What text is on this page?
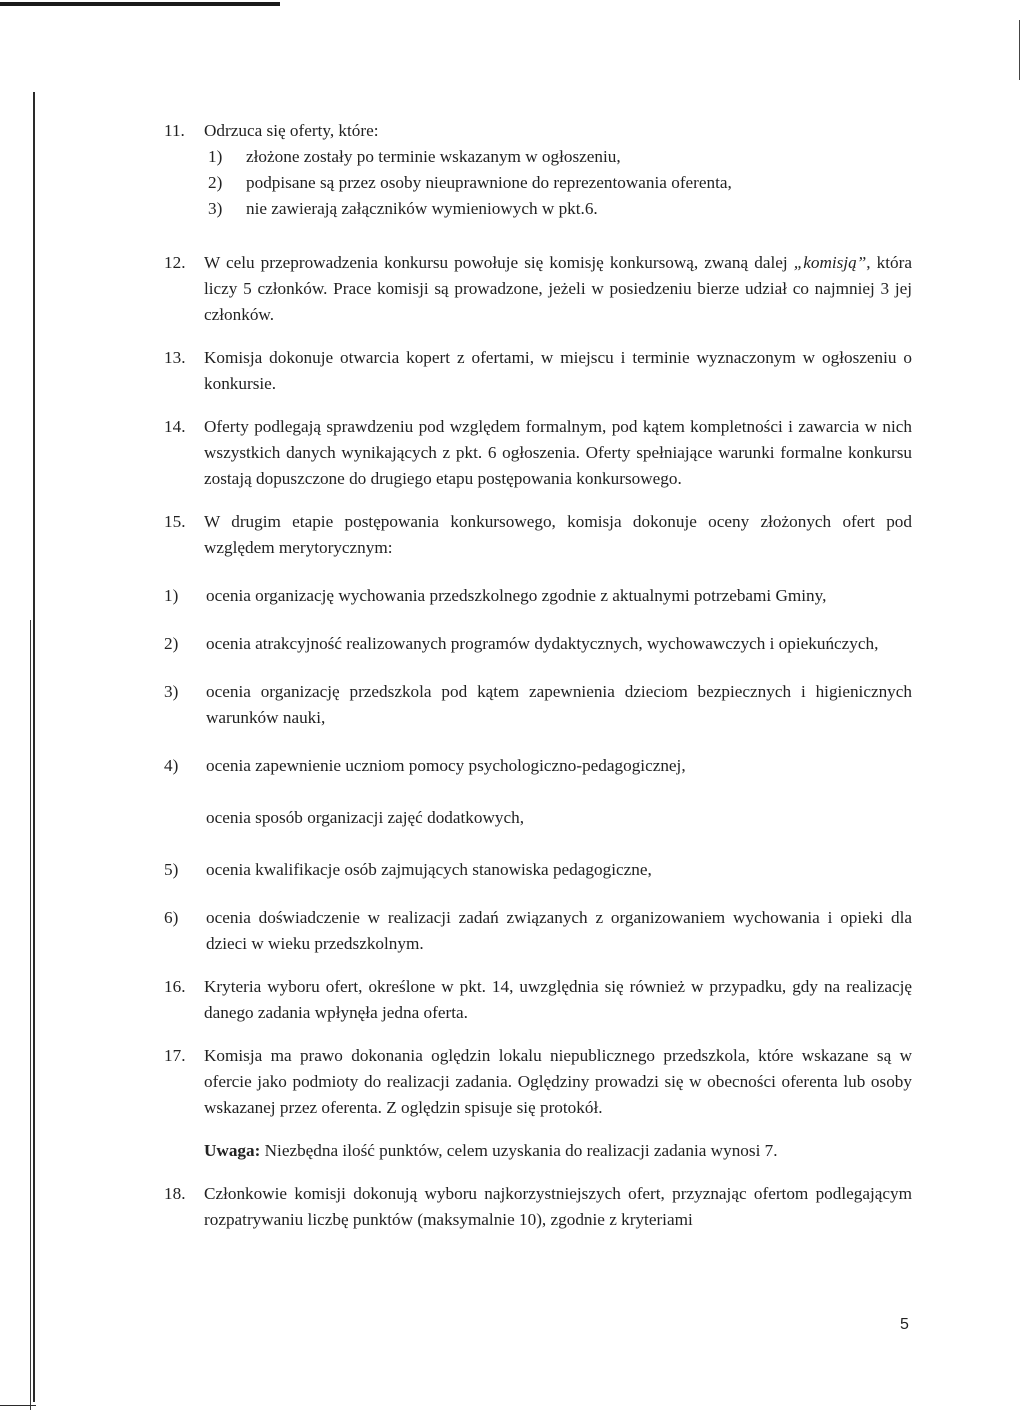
11. Odrzuca się oferty, które:
1) złożone zostały po terminie wskazanym w ogłoszeniu,
2) podpisane są przez osoby nieuprawnione do reprezentowania oferenta,
3) nie zawierają załączników wymieniowych w pkt.6.
12. W celu przeprowadzenia konkursu powołuje się komisję konkursową, zwaną dalej „komisją”, która liczy 5 członków. Prace komisji są prowadzone, jeżeli w posiedzeniu bierze udział co najmniej 3 jej członków.
13. Komisja dokonuje otwarcia kopert z ofertami, w miejscu i terminie wyznaczonym w ogłoszeniu o konkursie.
14. Oferty podlegają sprawdzeniu pod względem formalnym, pod kątem kompletności i zawarcia w nich wszystkich danych wynikających z pkt. 6 ogłoszenia. Oferty spełniające warunki formalne konkursu zostają dopuszczone do drugiego etapu postępowania konkursowego.
15. W drugim etapie postępowania konkursowego, komisja dokonuje oceny złożonych ofert pod względem merytorycznym:
1) ocenia organizację wychowania przedszkolnego zgodnie z aktualnymi potrzebami Gminy,
2) ocenia atrakcyjność realizowanych programów dydaktycznych, wychowawczych i opiekuńczych,
3) ocenia organizację przedszkola pod kątem zapewnienia dzieciom bezpiecznych i higienicznych warunków nauki,
4) ocenia zapewnienie uczniom pomocy psychologiczno-pedagogicznej,
ocenia sposób organizacji zajęć dodatkowych,
5) ocenia kwalifikacje osób zajmujących stanowiska pedagogiczne,
6) ocenia doświadczenie w realizacji zadań związanych z organizowaniem wychowania i opieki dla dzieci w wieku przedszkolnym.
16. Kryteria wyboru ofert, określone w pkt. 14, uwzględnia się również w przypadku, gdy na realizację danego zadania wpłynęła jedna oferta.
17. Komisja ma prawo dokonania oględzin lokalu niepublicznego przedszkola, które wskazane są w ofercie jako podmioty do realizacji zadania. Oględziny prowadzi się w obecności oferenta lub osoby wskazanej przez oferenta. Z oględzin spisuje się protokół.
Uwaga: Niezbędna ilość punktów, celem uzyskania do realizacji zadania wynosi 7.
18. Członkowie komisji dokonują wyboru najkorzystniejszych ofert, przyznając ofertom podlegającym rozpatrywaniu liczbę punktów (maksymalnie 10), zgodnie z kryteriami
5
